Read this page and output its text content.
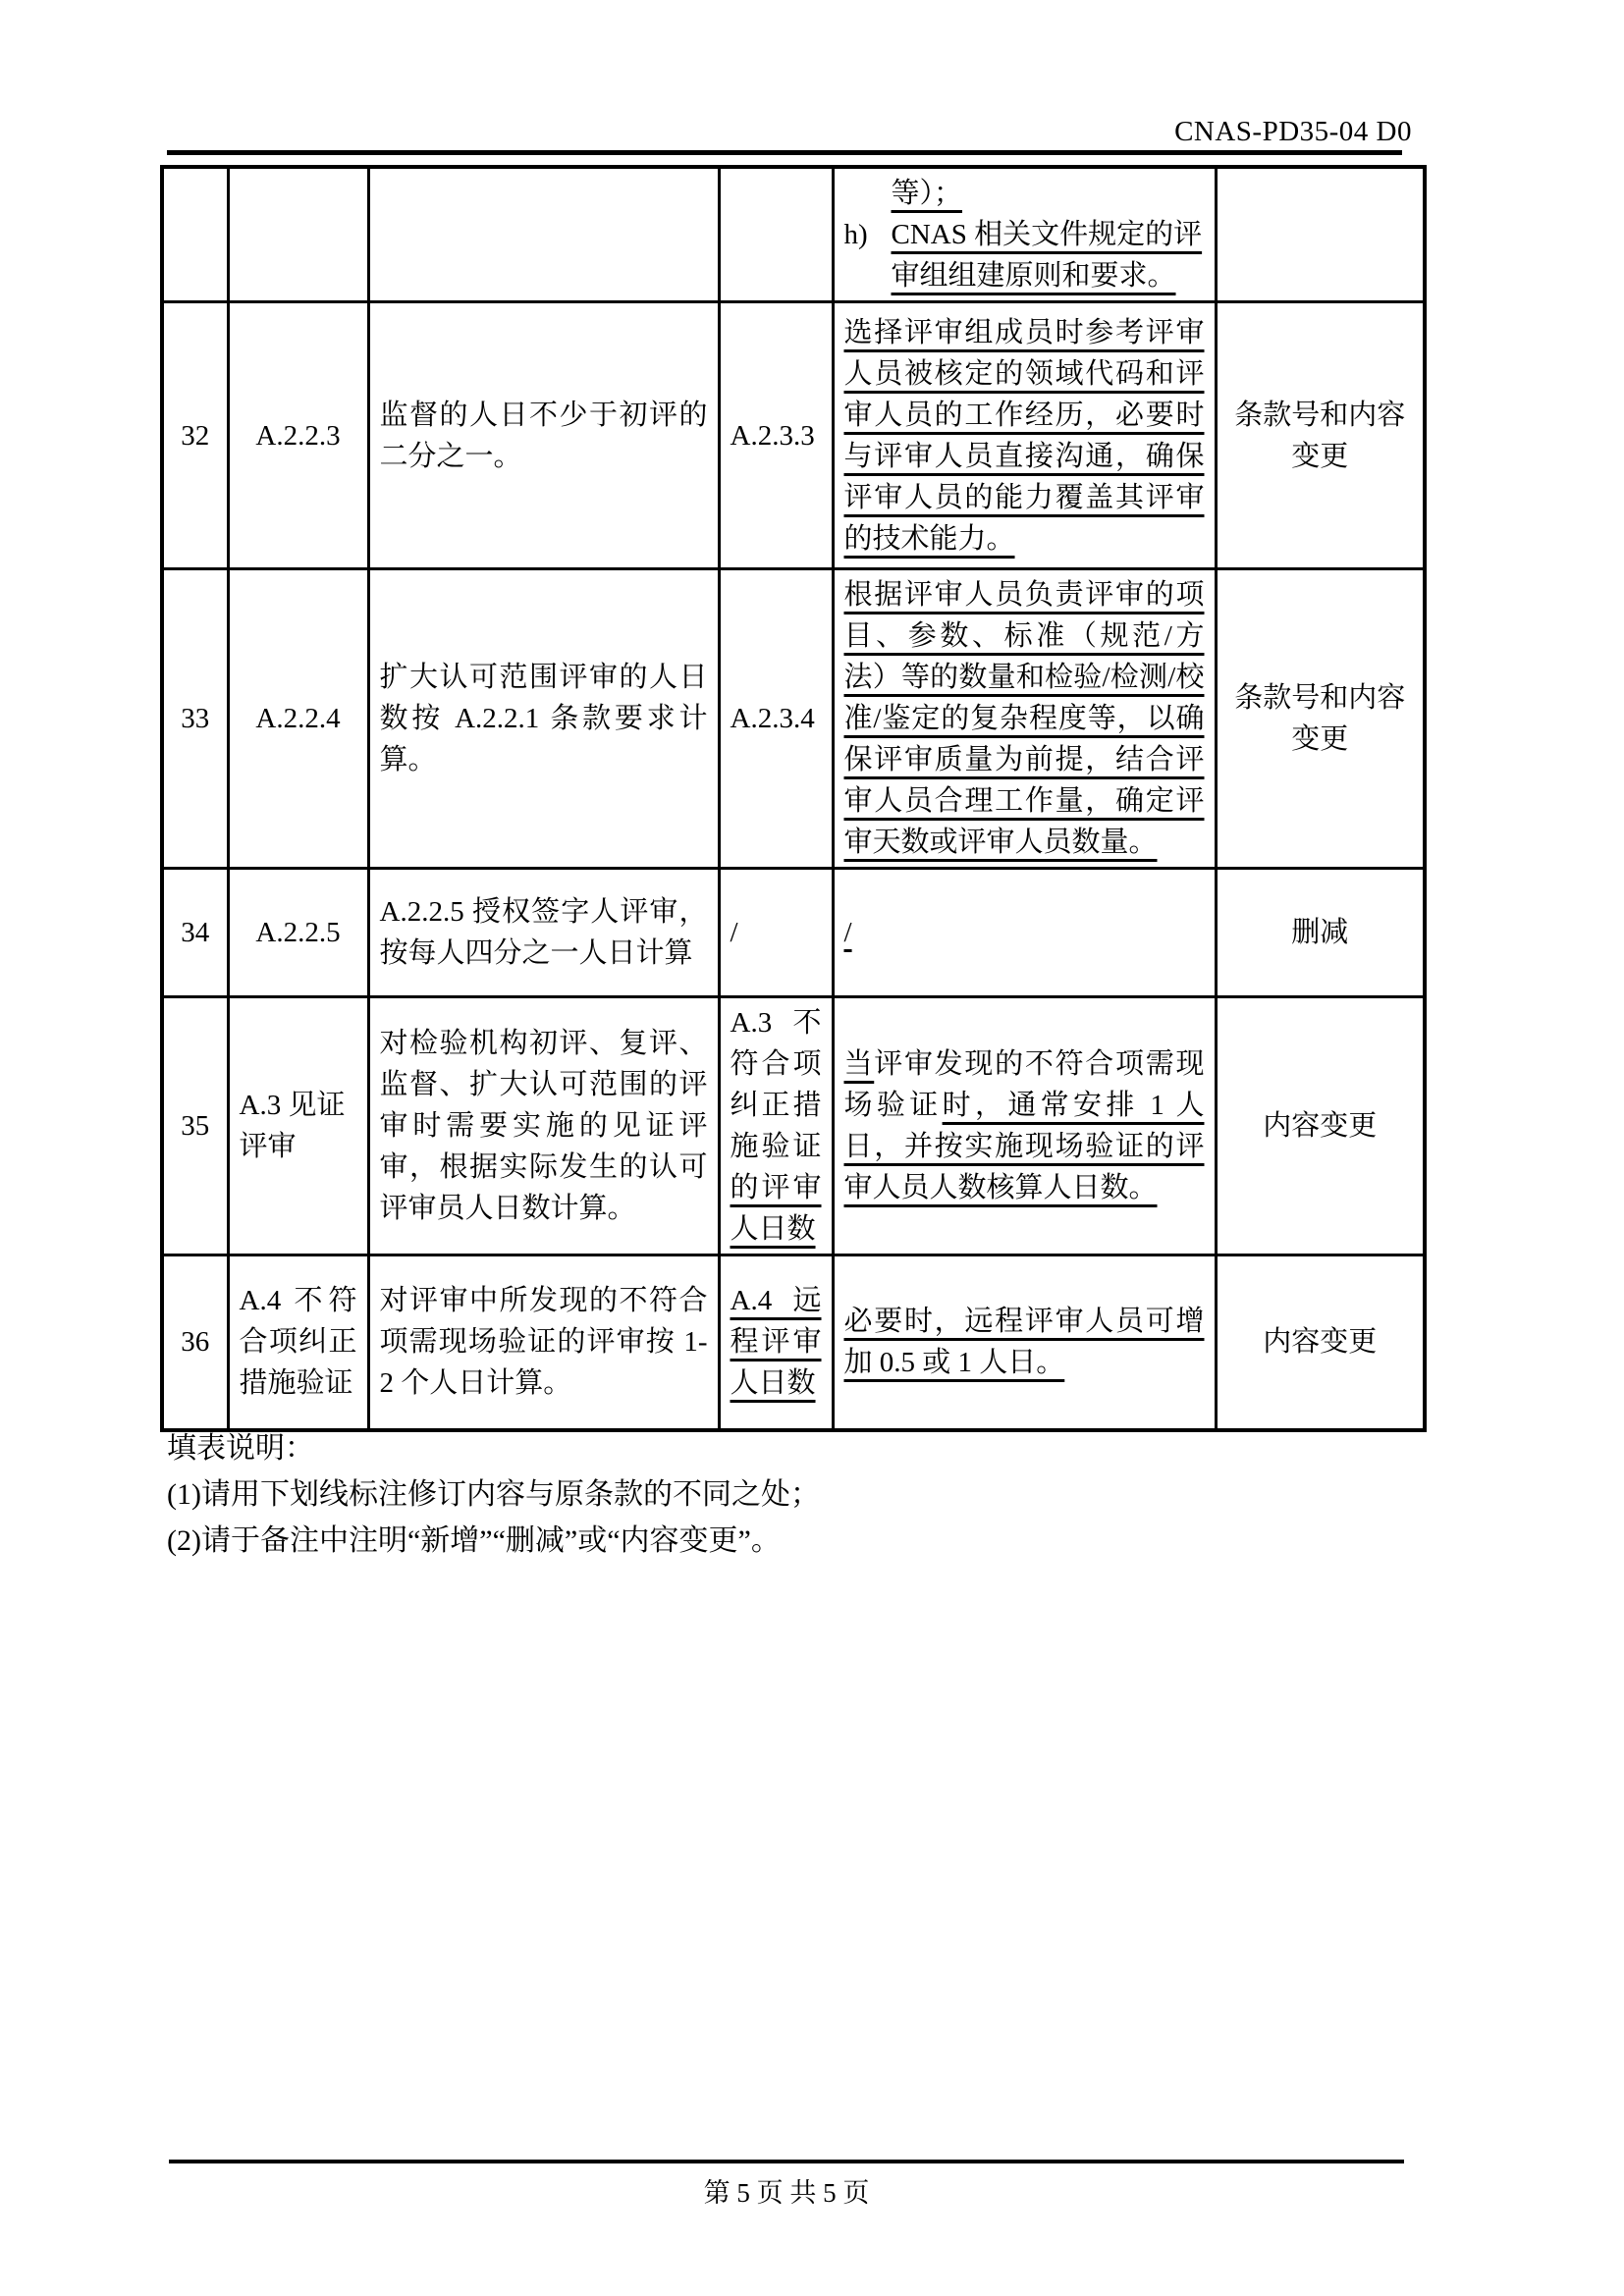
CNAS-PD35-04 D0

				等）；
h) CNAS 相关文件规定的评审组组建原则和要求。	

32	A.2.2.3	监督的人日不少于初评的二分之一。	A.2.3.3	选择评审组成员时参考评审人员被核定的领域代码和评审人员的工作经历，必要时与评审人员直接沟通，确保评审人员的能力覆盖其评审的技术能力。	条款号和内容变更
33	A.2.2.4	扩大认可范围评审的人日数按 A.2.2.1 条款要求计算。	A.2.3.4	根据评审人员负责评审的项目、参数、标准（规范/方法）等的数量和检验/检测/校准/鉴定的复杂程度等，以确保评审质量为前提，结合评审人员合理工作量，确定评审天数或评审人员数量。	条款号和内容变更
34	A.2.2.5	A.2.2.5 授权签字人评审，按每人四分之一人日计算	/	/	删减
35	A.3 见证评审	对检验机构初评、复评、监督、扩大认可范围的评审时需要实施的见证评审，根据实际发生的认可评审员人日数计算。	A.3 不符合项纠正措施验证的评审人日数	当评审发现的不符合项需现场验证时，通常安排 1 人日，并按实施现场验证的评审人员人数核算人日数。	内容变更
36	A.4 不符合项纠正措施验证	对评审中所发现的不符合项需现场验证的评审按 1-2 个人日计算。	A.4 远程评审人日数	必要时，远程评审人员可增加 0.5 或 1 人日。	内容变更
填表说明：
(1)请用下划线标注修订内容与原条款的不同之处；
(2)请于备注中注明“新增”“删减”或“内容变更”。
第 5 页 共 5 页
